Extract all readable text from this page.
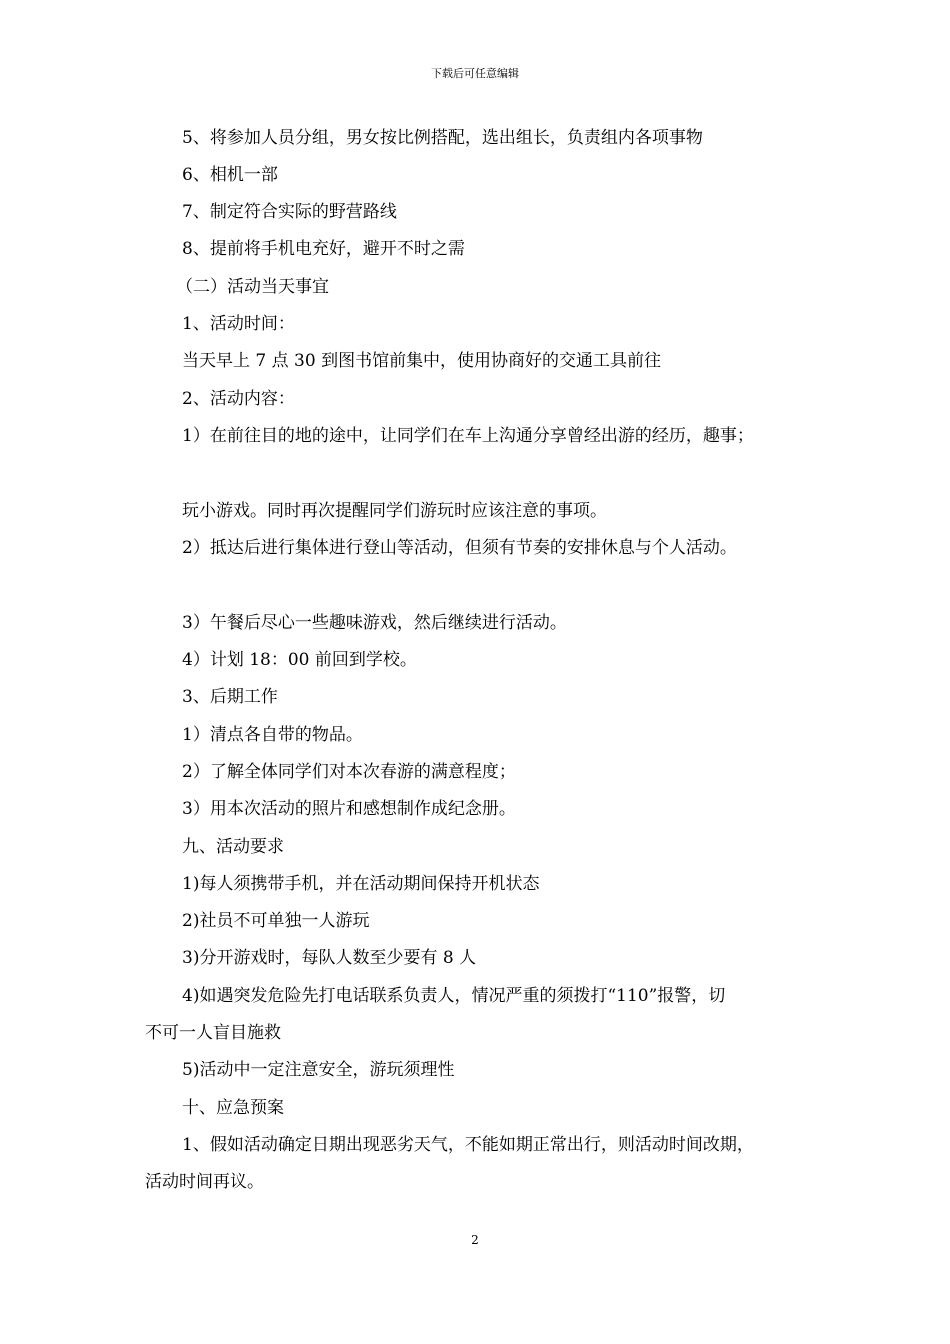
下载后可任意编辑
5、将参加人员分组，男女按比例搭配，选出组长，负责组内各项事物
6、相机一部
7、制定符合实际的野营路线
8、提前将手机电充好，避开不时之需
（二）活动当天事宜
1、活动时间：
当天早上 7 点 30 到图书馆前集中，使用协商好的交通工具前往
2、活动内容：
1）在前往目的地的途中，让同学们在车上沟通分享曾经出游的经历，趣事；
玩小游戏。同时再次提醒同学们游玩时应该注意的事项。
2）抵达后进行集体进行登山等活动，但须有节奏的安排休息与个人活动。
3）午餐后尽心一些趣味游戏，然后继续进行活动。
4）计划 18：00 前回到学校。
3、后期工作
1）清点各自带的物品。
2）了解全体同学们对本次春游的满意程度；
3）用本次活动的照片和感想制作成纪念册。
九、活动要求
1)每人须携带手机，并在活动期间保持开机状态
2)社员不可单独一人游玩
3)分开游戏时，每队人数至少要有 8 人
4)如遇突发危险先打电话联系负责人，情况严重的须拨打“110”报警，切
不可一人盲目施救
5)活动中一定注意安全，游玩须理性
十、应急预案
1、假如活动确定日期出现恶劣天气，不能如期正常出行，则活动时间改期，
活动时间再议。
2
